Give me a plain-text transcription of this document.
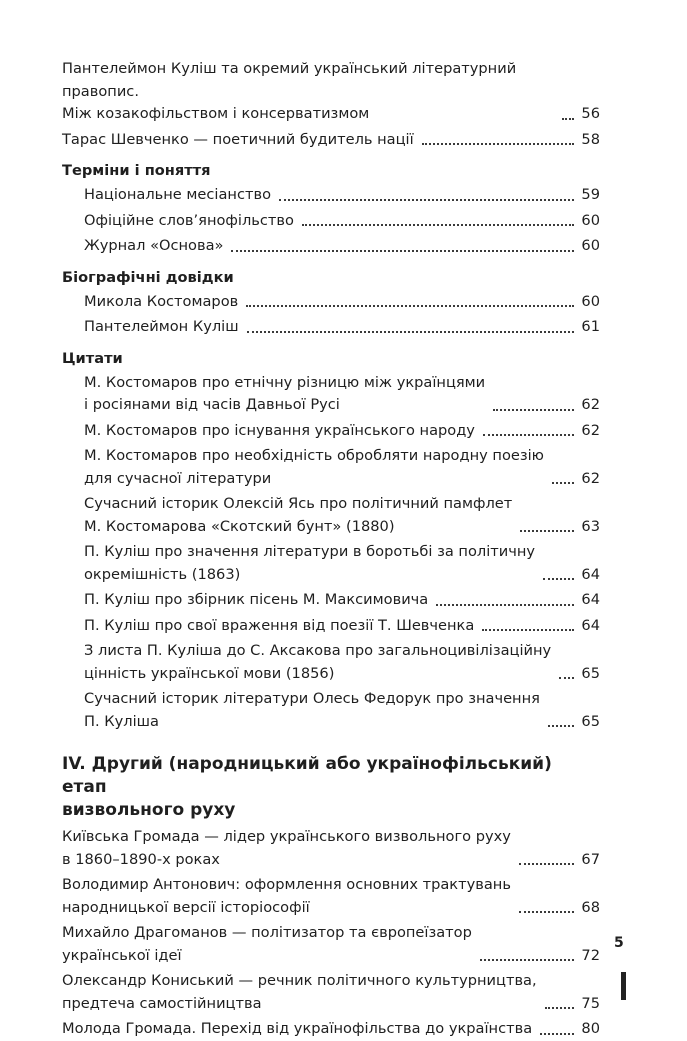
Пантелеймон Куліш та окремий український літературний правопис.
Між козакофільством і консерватизмом	56
Тарас Шевченко — поетичний будитель нації	58
Терміни і поняття
Національне месіанство	59
Офіційне слов’янофільство	60
Журнал «Основа»	60
Біографічні довідки
Микола Костомаров	60
Пантелеймон Куліш	61
Цитати
М. Костомаров про етнічну різницю між українцями
і росіянами від часів Давньої Русі	62
М. Костомаров про існування українського народу	62
М. Костомаров про необхідність обробляти народну поезію
для сучасної літератури	62
Сучасний історик Олексій Ясь про політичний памфлет
М. Костомарова «Скотский бунт» (1880)	63
П. Куліш про значення літератури в боротьбі за політичну
окремішність (1863)	64
П. Куліш про збірник пісень М. Максимовича	64
П. Куліш про свої враження від поезії Т. Шевченка	64
З листа П. Куліша до С. Аксакова про загальноцивілізаційну
цінність української мови (1856)	65
Сучасний історик літератури Олесь Федорук про значення
П. Куліша	65
IV. Другий (народницький або українофільський) етап
визвольного руху
Київська Громада — лідер українського визвольного руху
в 1860–1890-х роках	67
Володимир Антонович: оформлення основних трактувань
народницької версії історіософії	68
Михайло Драгоманов — політизатор та європеїзатор
української ідеї	72
Олександр Кониський — речник політичного культурництва,
предтеча самостійництва	75
Молода Громада. Перехід від українофільства до українства	80
5
